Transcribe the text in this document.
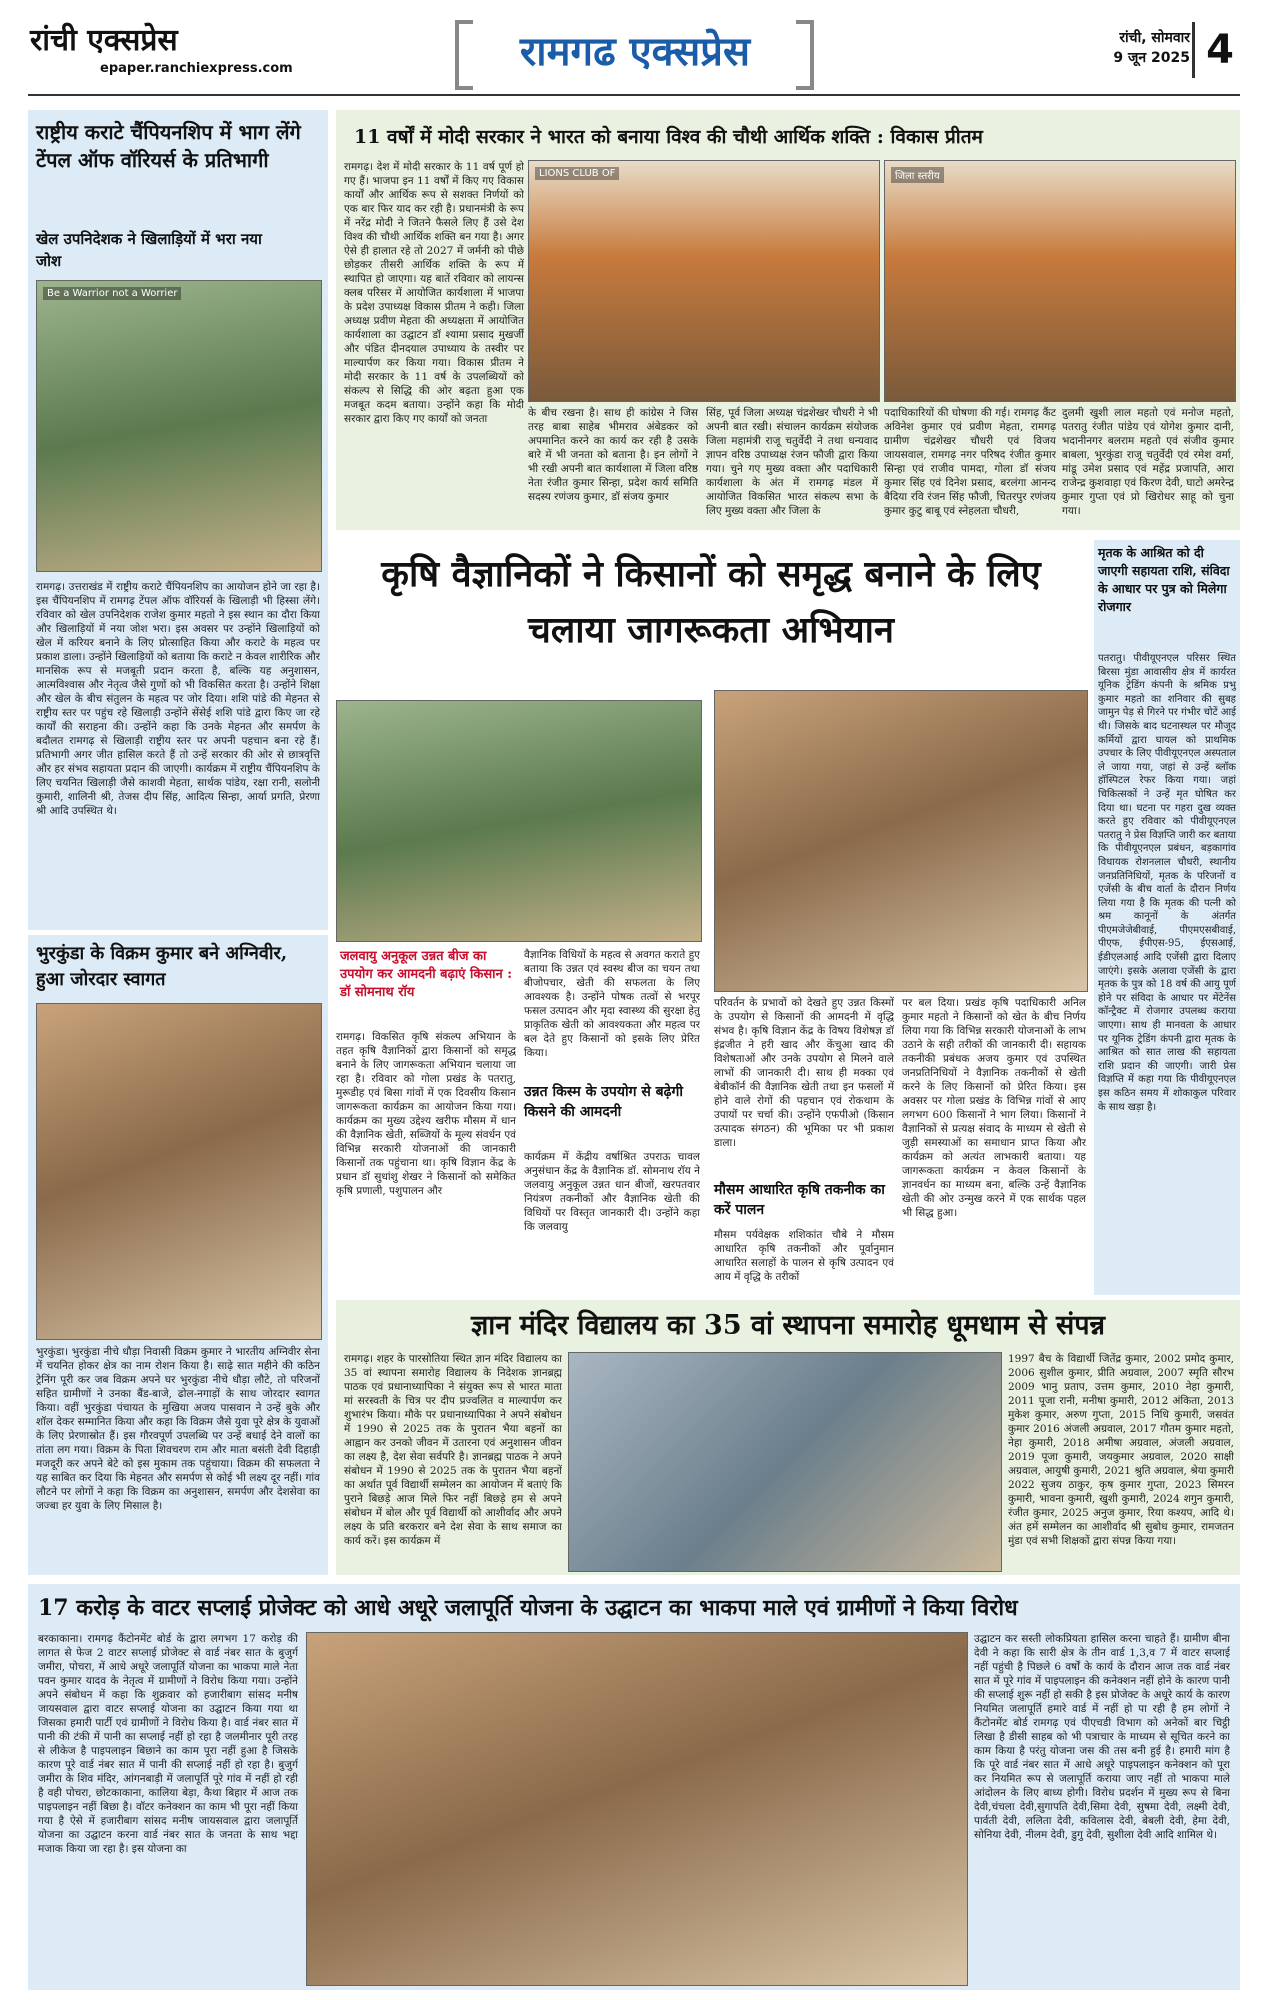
रांची एक्सप्रेस
epaper.ranchiexpress.com	रामगढ एक्सप्रेस	रांची, सोमवार
9 जून 2025 4
राष्ट्रीय कराटे चैंपियनशिप में भाग लेंगे टेंपल ऑफ वॉरियर्स के प्रतिभागी
खेल उपनिदेशक ने खिलाड़ियों में भरा नया जोश
Be a Warrior not a Worrier
रामगढ़। उत्तराखंड में राष्ट्रीय कराटे चैंपियनशिप का आयोजन होने जा रहा है। इस चैंपियनशिप में रामगढ़ टेंपल ऑफ वॉरियर्स के खिलाड़ी भी हिस्सा लेंगे। रविवार को खेल उपनिदेशक राजेश कुमार महतो ने इस स्थान का दौरा किया और खिलाड़ियों में नया जोश भरा। इस अवसर पर उन्होंने खिलाड़ियों को खेल में करियर बनाने के लिए प्रोत्साहित किया और कराटे के महत्व पर प्रकाश डाला। उन्होंने खिलाड़ियों को बताया कि कराटे न केवल शारीरिक और मानसिक रूप से मजबूती प्रदान करता है, बल्कि यह अनुशासन, आत्मविश्वास और नेतृत्व जैसे गुणों को भी विकसित करता है। उन्होंने शिक्षा और खेल के बीच संतुलन के महत्व पर जोर दिया। शशि पांडे की मेहनत से राष्ट्रीय स्तर पर पहुंच रहे खिलाड़ी उन्होंने सेंसेई शशि पांडे द्वारा किए जा रहे कार्यों की सराहना की। उन्होंने कहा कि उनके मेहनत और समर्पण के बदौलत रामगढ़ से खिलाड़ी राष्ट्रीय स्तर पर अपनी पहचान बना रहे हैं। प्रतिभागी अगर जीत हासिल करते हैं तो उन्हें सरकार की ओर से छात्रवृत्ति और हर संभव सहायता प्रदान की जाएगी। कार्यक्रम में राष्ट्रीय चैंपियनशिप के लिए चयनित खिलाड़ी जैसे काशवी मेहता, सार्थक पांडेय, रक्षा रानी, सलोनी कुमारी, शालिनी श्री, तेजस दीप सिंह, आदित्य सिन्हा, आर्या प्रगति, प्रेरणा श्री आदि उपस्थित थे।
भुरकुंडा के विक्रम कुमार बने अग्निवीर, हुआ जोरदार स्वागत
भुरकुंडा। भुरकुंडा नीचे धौड़ा निवासी विक्रम कुमार ने भारतीय अग्निवीर सेना में चयनित होकर क्षेत्र का नाम रोशन किया है। साढ़े सात महीने की कठिन ट्रेनिंग पूरी कर जब विक्रम अपने घर भुरकुंडा नीचे धौड़ा लौटे, तो परिजनों सहित ग्रामीणों ने उनका बैंड-बाजे, ढोल-नगाड़ों के साथ जोरदार स्वागत किया। वहीं भुरकुंडा पंचायत के मुखिया अजय पासवान ने उन्हें बुके और शॉल देकर सम्मानित किया और कहा कि विक्रम जैसे युवा पूरे क्षेत्र के युवाओं के लिए प्रेरणास्रोत हैं। इस गौरवपूर्ण उपलब्धि पर उन्हें बधाई देने वालों का तांता लग गया। विक्रम के पिता शिवचरण राम और माता बसंती देवी दिहाड़ी मजदूरी कर अपने बेटे को इस मुकाम तक पहुंचाया। विक्रम की सफलता ने यह साबित कर दिया कि मेहनत और समर्पण से कोई भी लक्ष्य दूर नहीं। गांव लौटने पर लोगों ने कहा कि विक्रम का अनुशासन, समर्पण और देशसेवा का जज्बा हर युवा के लिए मिसाल है।
11 वर्षों में मोदी सरकार ने भारत को बनाया विश्व की चौथी आर्थिक शक्ति : विकास प्रीतम
रामगढ़। देश में मोदी सरकार के 11 वर्ष पूर्ण हो गए हैं। भाजपा इन 11 वर्षों में किए गए विकास कार्यों और आर्थिक रूप से सशक्त निर्णयों को एक बार फिर याद कर रही है। प्रधानमंत्री के रूप में नरेंद्र मोदी ने जितने फैसले लिए हैं उसे देश विश्व की चौथी आर्थिक शक्ति बन गया है। अगर ऐसे ही हालात रहे तो 2027 में जर्मनी को पीछे छोड़कर तीसरी आर्थिक शक्ति के रूप में स्थापित हो जाएगा। यह बातें रविवार को लायन्स क्लब परिसर में आयोजित कार्यशाला में भाजपा के प्रदेश उपाध्यक्ष विकास प्रीतम ने कही। जिला अध्यक्ष प्रवीण मेहता की अध्यक्षता में आयोजित कार्यशाला का उद्घाटन डॉ श्यामा प्रसाद मुखर्जी और पंडित दीनदयाल उपाध्याय के तस्वीर पर माल्यार्पण कर किया गया। विकास प्रीतम ने मोदी सरकार के 11 वर्ष के उपलब्धियों को संकल्प से सिद्धि की ओर बढ़ता हुआ एक मजबूत कदम बताया। उन्होंने कहा कि मोदी सरकार द्वारा किए गए कार्यों को जनता
LIONS CLUB OF	जिला स्तरीय
के बीच रखना है। साथ ही कांग्रेस ने जिस तरह बाबा साहेब भीमराव अंबेडकर को अपमानित करने का कार्य कर रही है उसके बारे में भी जनता को बताना है। इन लोगों ने भी रखी अपनी बात कार्यशाला में जिला वरिष्ठ नेता रंजीत कुमार सिन्हा, प्रदेश कार्य समिति सदस्य रणंजय कुमार, डॉ संजय कुमार
सिंह, पूर्व जिला अध्यक्ष चंद्रशेखर चौधरी ने भी अपनी बात रखी। संचालन कार्यक्रम संयोजक जिला महामंत्री राजू चतुर्वेदी ने तथा धन्यवाद ज्ञापन वरिष्ठ उपाध्यक्ष रंजन फौजी द्वारा किया गया। चुने गए मुख्य वक्ता और पदाधिकारी कार्यशाला के अंत में रामगढ़ मंडल में आयोजित विकसित भारत संकल्प सभा के लिए मुख्य वक्ता और जिला के
पदाधिकारियों की घोषणा की गई। रामगढ़ कैंट अविनेश कुमार एवं प्रवीण मेहता, रामगढ़ ग्रामीण चंद्रशेखर चौधरी एवं विजय जायसवाल, रामगढ़ नगर परिषद रंजीत कुमार सिन्हा एवं राजीव पामदा, गोला डॉ संजय कुमार सिंह एवं दिनेश प्रसाद, बरलंगा आनन्द बैदिया रवि रंजन सिंह फौजी, चितरपुर रणंजय कुमार कुटु बाबू एवं स्नेहलता चौधरी,
दुलमी खुशी लाल महतो एवं मनोज महतो, पतरातु रंजीत पांडेय एवं योगेश कुमार दानी, भदानीनगर बलराम महतो एवं संजीव कुमार बाबला, भुरकुंडा राजू चतुर्वेदी एवं रमेश वर्मा, मांडू उमेश प्रसाद एवं महेंद्र प्रजापति, आरा राजेन्द्र कुशवाहा एवं किरण देवी, घाटो अमरेन्द्र कुमार गुप्ता एवं प्रो खिरोधर साहू को चुना गया।
कृषि वैज्ञानिकों ने किसानों को समृद्ध बनाने के लिए चलाया जागरूकता अभियान
जलवायु अनुकूल उन्नत बीज का उपयोग कर आमदनी बढ़ाएं किसान : डॉ सोमनाथ रॉय
रामगढ़। विकसित कृषि संकल्प अभियान के तहत कृषि वैज्ञानिकों द्वारा किसानों को समृद्ध बनाने के लिए जागरूकता अभियान चलाया जा रहा है। रविवार को गोला प्रखंड के पतरातु, मुरूडीह एवं बिसा गांवों में एक दिवसीय किसान जागरूकता कार्यक्रम का आयोजन किया गया। कार्यक्रम का मुख्य उद्देश्य खरीफ मौसम में धान की वैज्ञानिक खेती, सब्जियों के मूल्य संवर्धन एवं विभिन्न सरकारी योजनाओं की जानकारी किसानों तक पहुंचाना था। कृषि विज्ञान केंद्र के प्रधान डॉ सुधांशु शेखर ने किसानों को समेकित कृषि प्रणाली, पशुपालन और
वैज्ञानिक विधियों के महत्व से अवगत कराते हुए बताया कि उन्नत एवं स्वस्थ बीज का चयन तथा बीजोपचार, खेती की सफलता के लिए आवश्यक है। उन्होंने पोषक तत्वों से भरपूर फसल उत्पादन और मृदा स्वास्थ्य की सुरक्षा हेतु प्राकृतिक खेती को आवश्यकता और महत्व पर बल देते हुए किसानों को इसके लिए प्रेरित किया।
उन्नत किस्म के उपयोग से बढ़ेगी किसने की आमदनी
कार्यक्रम में केंद्रीय वर्षाश्रित उपराऊ चावल अनुसंधान केंद्र के वैज्ञानिक डॉ. सोमनाथ रॉय ने जलवायु अनुकूल उन्नत धान बीजों, खरपतवार नियंत्रण तकनीकों और वैज्ञानिक खेती की विधियों पर विस्तृत जानकारी दी। उन्होंने कहा कि जलवायु
परिवर्तन के प्रभावों को देखते हुए उन्नत किस्मों के उपयोग से किसानों की आमदनी में वृद्धि संभव है। कृषि विज्ञान केंद्र के विषय विशेषज्ञ डॉ इंद्रजीत ने हरी खाद और केंचुआ खाद की विशेषताओं और उनके उपयोग से मिलने वाले लाभों की जानकारी दी। साथ ही मक्का एवं बेबीकॉर्न की वैज्ञानिक खेती तथा इन फसलों में होने वाले रोगों की पहचान एवं रोकथाम के उपायों पर चर्चा की। उन्होंने एफपीओ (किसान उत्पादक संगठन) की भूमिका पर भी प्रकाश डाला।
मौसम आधारित कृषि तकनीक का करें पालन
मौसम पर्यवेक्षक शशिकांत चौबे ने मौसम आधारित कृषि तकनीकों और पूर्वानुमान आधारित सलाहों के पालन से कृषि उत्पादन एवं आय में वृद्धि के तरीकों
पर बल दिया। प्रखंड कृषि पदाधिकारी अनिल कुमार महतो ने किसानों को खेत के बीच निर्णय लिया गया कि विभिन्न सरकारी योजनाओं के लाभ उठाने के सही तरीकों की जानकारी दी। सहायक तकनीकी प्रबंधक अजय कुमार एवं उपस्थित जनप्रतिनिधियों ने वैज्ञानिक तकनीकों से खेती करने के लिए किसानों को प्रेरित किया। इस अवसर पर गोला प्रखंड के विभिन्न गांवों से आए लगभग 600 किसानों ने भाग लिया। किसानों ने वैज्ञानिकों से प्रत्यक्ष संवाद के माध्यम से खेती से जुड़ी समस्याओं का समाधान प्राप्त किया और कार्यक्रम को अत्यंत लाभकारी बताया। यह जागरूकता कार्यक्रम न केवल किसानों के ज्ञानवर्धन का माध्यम बना, बल्कि उन्हें वैज्ञानिक खेती की ओर उन्मुख करने में एक सार्थक पहल भी सिद्ध हुआ।
मृतक के आश्रित को दी जाएगी सहायता राशि, संविदा के आधार पर पुत्र को मिलेगा रोजगार
पतरातु। पीवीयूएनएल परिसर स्थित बिरसा मुंडा आवासीय क्षेत्र में कार्यरत यूनिक ट्रेडिंग कंपनी के श्रमिक प्रभु कुमार महतो का शनिवार की सुबह जामुन पेड़ से गिरने पर गंभीर चोटें आई थी। जिसके बाद घटनास्थल पर मौजूद कर्मियों द्वारा घायल को प्राथमिक उपचार के लिए पीवीयूएनएल अस्पताल ले जाया गया, जहां से उन्हें ब्लॉक हॉस्पिटल रेफर किया गया। जहां चिकित्सकों ने उन्हें मृत घोषित कर दिया था। घटना पर गहरा दुख व्यक्त करते हुए रविवार को पीवीयूएनएल पतरातु ने प्रेस विज्ञप्ति जारी कर बताया कि पीवीयूएनएल प्रबंधन, बड़कागांव विधायक रोशनलाल चौधरी, स्थानीय जनप्रतिनिधियों, मृतक के परिजनों व एजेंसी के बीच वार्ता के दौरान निर्णय लिया गया है कि मृतक की पत्नी को श्रम कानूनों के अंतर्गत पीएमजेजेबीवाई, पीएमएसबीवाई, पीएफ, ईपीएस-95, ईएसआई, ईडीएलआई आदि एजेंसी द्वारा दिलाए जाएंगे। इसके अलावा एजेंसी के द्वारा मृतक के पुत्र को 18 वर्ष की आयु पूर्ण होने पर संविदा के आधार पर मेंटेनेंस कॉन्ट्रैक्ट में रोजगार उपलब्ध कराया जाएगा। साथ ही मानवता के आधार पर यूनिक ट्रेडिंग कंपनी द्वारा मृतक के आश्रित को सात लाख की सहायता राशि प्रदान की जाएगी। जारी प्रेस विज्ञप्ति में कहा गया कि पीवीयूएनएल इस कठिन समय में शोकाकुल परिवार के साथ खड़ा है।
ज्ञान मंदिर विद्यालय का 35 वां स्थापना समारोह धूमधाम से संपन्न
रामगढ़। शहर के पारसोतिया स्थित ज्ञान मंदिर विद्यालय का 35 वां स्थापना समारोह विद्यालय के निदेशक ज्ञानब्रह्म पाठक एवं प्रधानाध्यापिका ने संयुक्त रूप से भारत माता मां सरस्वती के चित्र पर दीप प्रज्वलित व माल्यार्पण कर शुभारंभ किया। मौके पर प्रधानाध्यापिका ने अपने संबोधन में 1990 से 2025 तक के पुरातन भैया बहनों का आह्वान कर उनको जीवन में उतारना एवं अनुशासन जीवन का लक्ष्य है, देश सेवा सर्वपरि है। ज्ञानब्रह्म पाठक ने अपने संबोधन में 1990 से 2025 तक के पुरातन भैया बहनों का अर्थात पूर्व विद्यार्थी सम्मेलन का आयोजन में बताएं कि पुराने बिछड़े आज मिले फिर नहीं बिछड़े हम से अपने संबोधन में बोल और पूर्व विद्यार्थी को आशीर्वाद और अपने लक्ष्य के प्रति बरकरार बने देश सेवा के साथ समाज का कार्य करें। इस कार्यक्रम में
1997 बैच के विद्यार्थी जितेंद्र कुमार, 2002 प्रमोद कुमार, 2006 सुशील कुमार, प्रीति अग्रवाल, 2007 स्मृति सौरभ 2009 भानु प्रताप, उत्तम कुमार, 2010 नेहा कुमारी, 2011 पूजा रानी, मनीषा कुमारी, 2012 अंकिता, 2013 मुकेश कुमार, अरुण गुप्ता, 2015 निधि कुमारी, जसवंत कुमार 2016 अंजली अग्रवाल, 2017 गौतम कुमार महतो, नेहा कुमारी, 2018 अमीषा अग्रवाल, अंजली अग्रवाल, 2019 पूजा कुमारी, जयकुमार अग्रवाल, 2020 साक्षी अग्रवाल, आयुषी कुमारी, 2021 श्रुति अग्रवाल, श्रेया कुमारी 2022 सुजय ठाकुर, कृष कुमार गुप्ता, 2023 सिमरन कुमारी, भावना कुमारी, खुशी कुमारी, 2024 शगुन कुमारी, रंजीत कुमार, 2025 अनुज कुमार, रिया कश्यप, आदि थे। अंत हमें सम्मेलन का आशीर्वाद श्री सुबोध कुमार, रामजतन मुंडा एवं सभी शिक्षकों द्वारा संपन्न किया गया।
17 करोड़ के वाटर सप्लाई प्रोजेक्ट को आधे अधूरे जलापूर्ति योजना के उद्घाटन का भाकपा माले एवं ग्रामीणों ने किया विरोध
बरकाकाना। रामगढ़ कैंटोनमेंट बोर्ड के द्वारा लगभग 17 करोड़ की लागत से फेज 2 वाटर सप्लाई प्रोजेक्ट से वार्ड नंबर सात के बुजुर्ग जमीरा, पोचरा, में आधे अधूरे जलापूर्ति योजना का भाकपा माले नेता पवन कुमार यादव के नेतृत्व में ग्रामीणों ने विरोध किया गया। उन्होंने अपने संबोधन में कहा कि शुक्रवार को हजारीबाग सांसद मनीष जायसवाल द्वारा वाटर सप्लाई योजना का उद्घाटन किया गया था जिसका हमारी पार्टी एवं ग्रामीणों ने विरोध किया है। वार्ड नंबर सात में पानी की टंकी में पानी का सप्लाई नहीं हो रहा है जलमीनार पूरी तरह से लीकेज है पाइपलाइन बिछाने का काम पूरा नहीं हुआ है जिसके कारण पूरे वार्ड नंबर सात में पानी की सप्लाई नहीं हो रहा है। बुजुर्ग जमीरा के शिव मंदिर, आंगनबाड़ी में जलापूर्ति पूरे गांव में नहीं हो रही है वही पोचरा, छोटकाकाना, कालिया बेड़ा, कैथा बिहार में आज तक पाइपलाइन नहीं बिछा है। वॉटर कनेक्शन का काम भी पूरा नहीं किया गया है ऐसे में हजारीबाग सांसद मनीष जायसवाल द्वारा जलापूर्ति योजना का उद्घाटन करना वार्ड नंबर सात के जनता के साथ भद्दा मजाक किया जा रहा है। इस योजना का
उद्घाटन कर सस्ती लोकप्रियता हासिल करना चाहते हैं। ग्रामीण बीना देवी ने कहा कि सारी क्षेत्र के तीन वार्ड 1,3,व 7 में वाटर सप्लाई नहीं पहुंची है पिछले 6 वर्षों के कार्य के दौरान आज तक वार्ड नंबर सात में पूरे गांव में पाइपलाइन की कनेक्शन नहीं होने के कारण पानी की सप्लाई शुरू नहीं हो सकी है इस प्रोजेक्ट के अधूरे कार्य के कारण नियमित जलापूर्ति हमारे वार्ड में नहीं हो पा रही है हम लोगों ने कैंटोनमेंट बोर्ड रामगढ़ एवं पीएचडी विभाग को अनेकों बार चिट्ठी लिखा है डीसी साहब को भी पत्राचार के माध्यम से सूचित करने का काम किया है परंतु योजना जस की तस बनी हुई है। हमारी मांग है कि पूरे वार्ड नंबर सात में आधे अधूरे पाइपलाइन कनेक्शन को पूरा कर नियमित रूप से जलापूर्ति कराया जाए नहीं तो भाकपा माले आंदोलन के लिए बाध्य होगी। विरोध प्रदर्शन में मुख्य रूप से बिना देवी,चंचला देवी,सुगापति देवी,सिमा देवी, सुषमा देवी, लक्ष्मी देवी, पार्वती देवी, ललिता देवी, कविलास देवी, बेबली देवी, हेमा देवी, सोनिया देवी, नीलम देवी, डुगु देवी, सुशीला देवी आदि शामिल थे।
